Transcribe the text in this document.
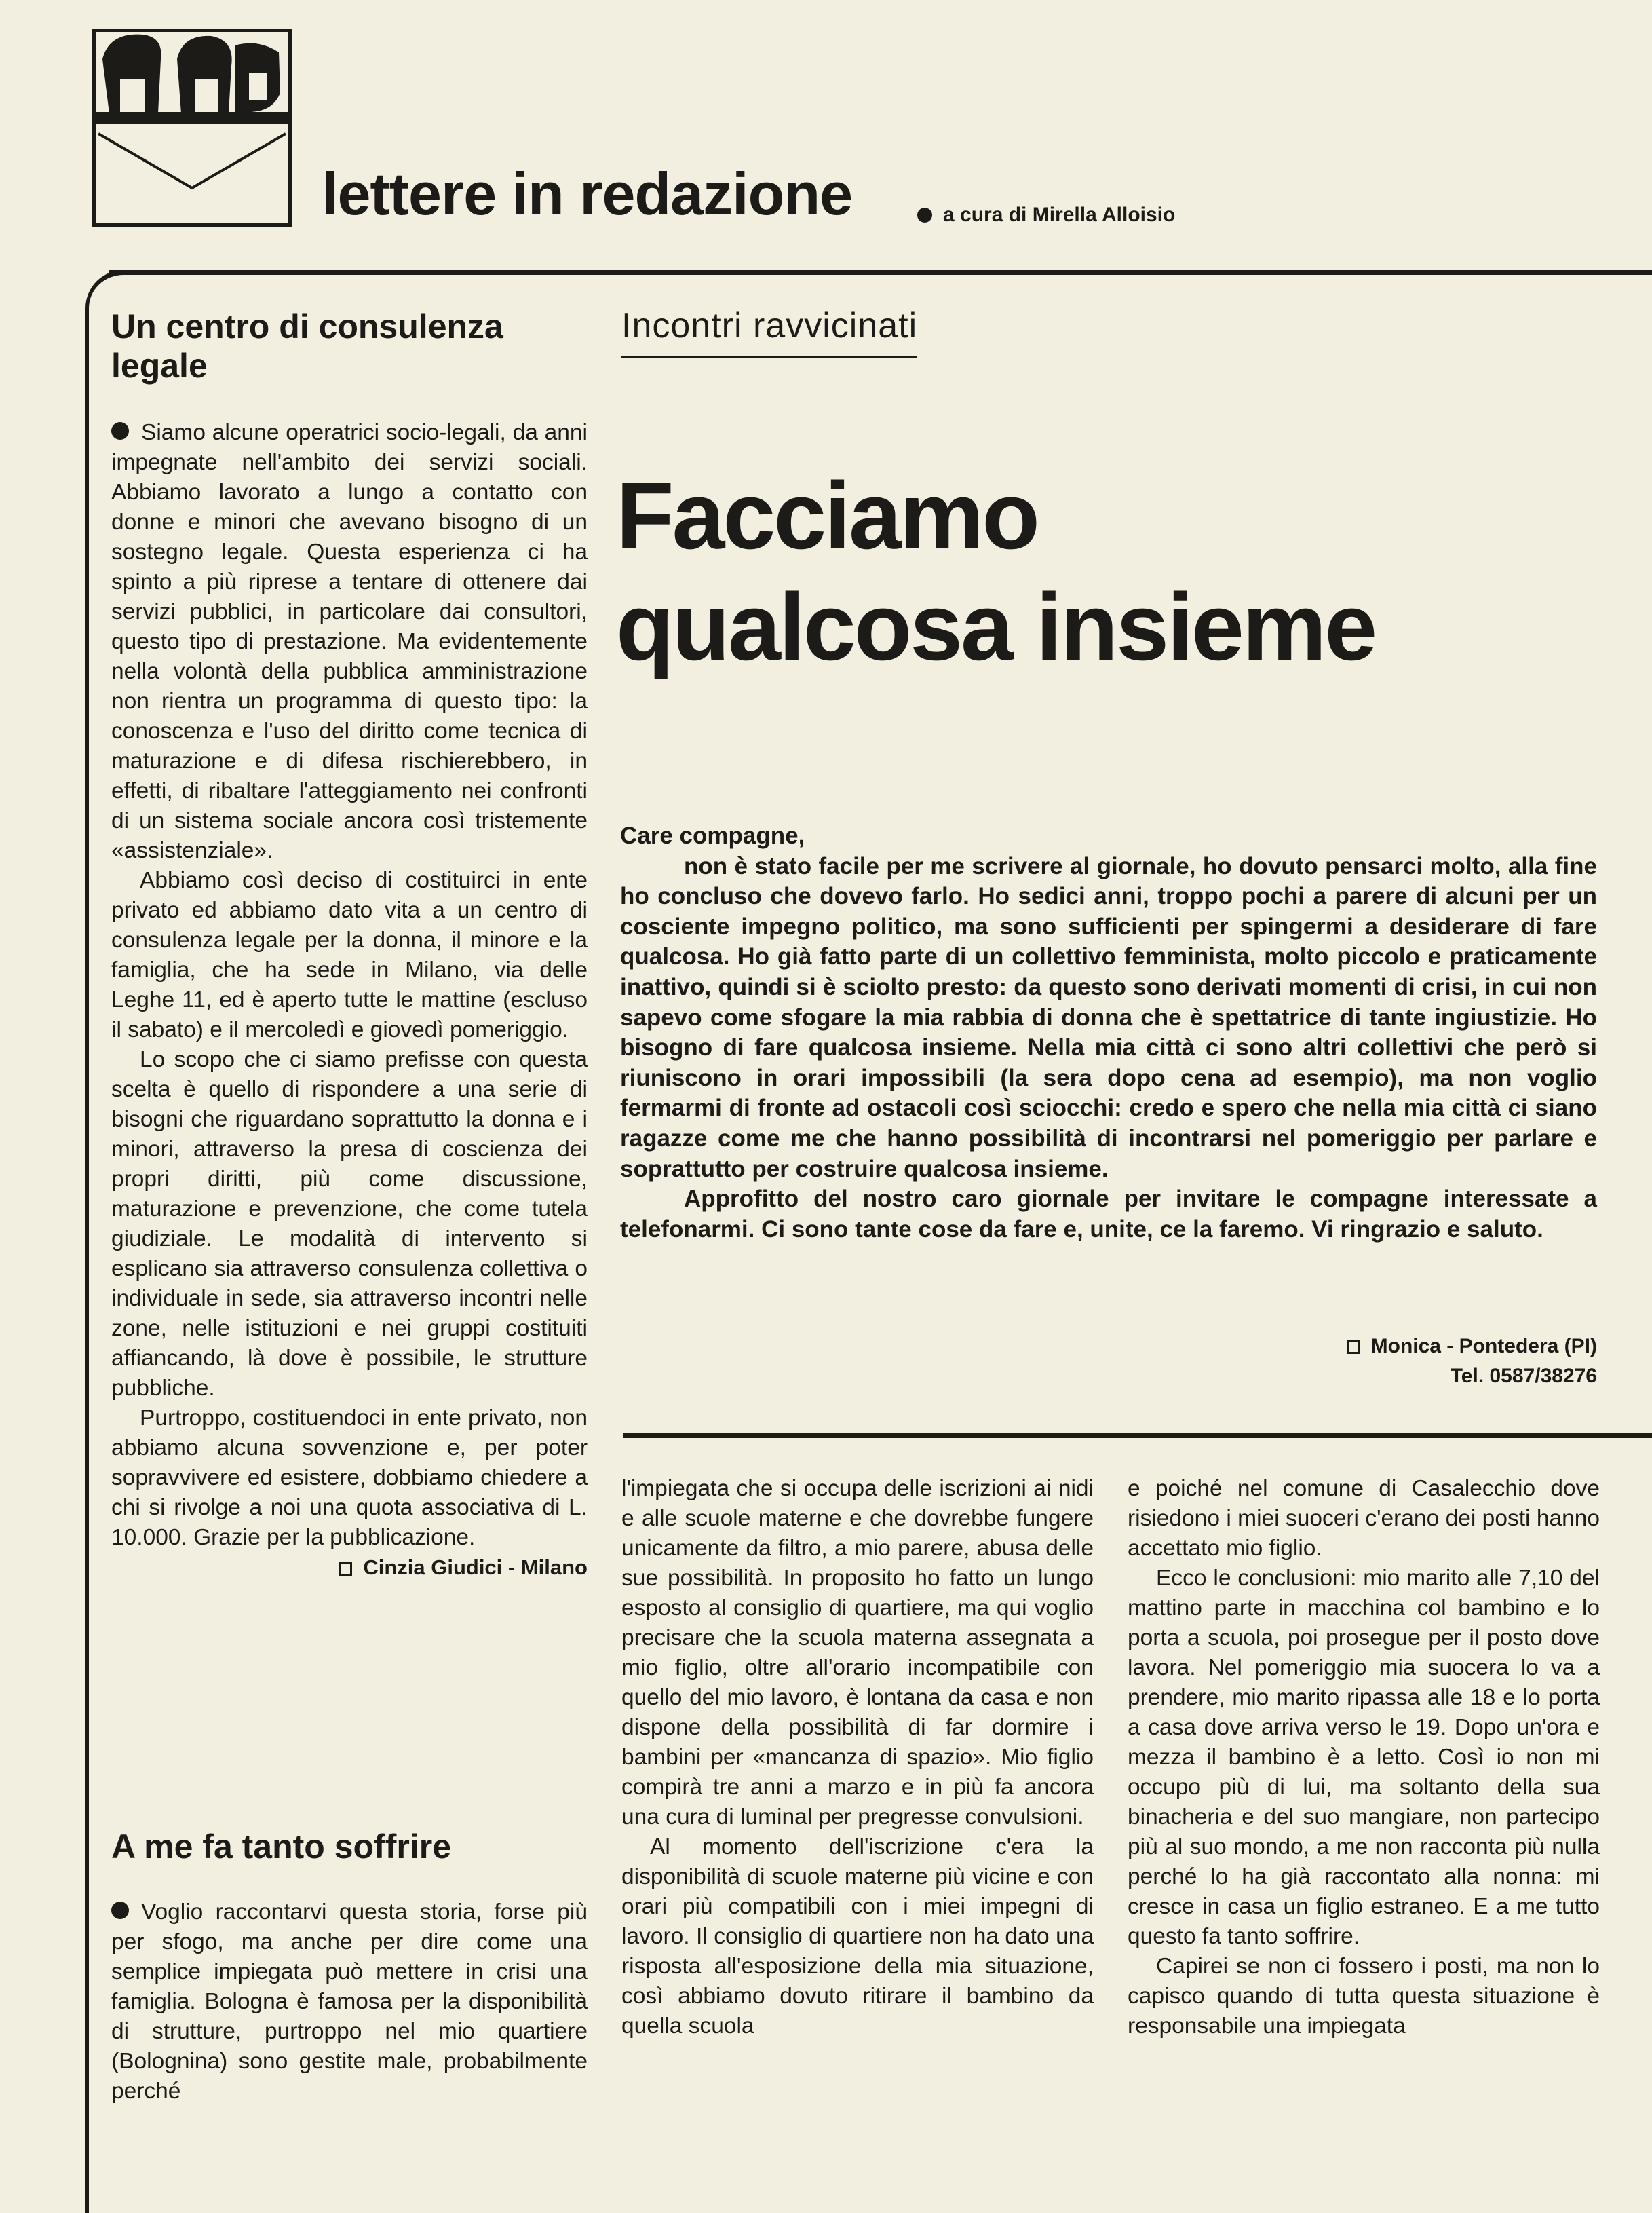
lettere in redazione	a cura di Mirella Alloisio
Un centro di consulenza legale

Siamo alcune operatrici socio-legali, da anni impegnate nell'ambito dei servizi sociali. Abbiamo lavorato a lungo a contatto con donne e minori che avevano bisogno di un sostegno legale. Questa esperienza ci ha spinto a più riprese a tentare di ottenere dai servizi pubblici, in particolare dai consultori, questo tipo di prestazione. Ma evidentemente nella volontà della pubblica amministrazione non rientra un programma di questo tipo: la conoscenza e l'uso del diritto come tecnica di maturazione e di difesa rischierebbero, in effetti, di ribaltare l'atteggiamento nei confronti di un sistema sociale ancora così tristemente «assistenziale».

Abbiamo così deciso di costituirci in ente privato ed abbiamo dato vita a un centro di consulenza legale per la donna, il minore e la famiglia, che ha sede in Milano, via delle Leghe 11, ed è aperto tutte le mattine (escluso il sabato) e il mercoledì e giovedì pomeriggio.

Lo scopo che ci siamo prefisse con questa scelta è quello di rispondere a una serie di bisogni che riguardano soprattutto la donna e i minori, attraverso la presa di coscienza dei propri diritti, più come discussione, maturazione e prevenzione, che come tutela giudiziale. Le modalità di intervento si esplicano sia attraverso consulenza collettiva o individuale in sede, sia attraverso incontri nelle zone, nelle istituzioni e nei gruppi costituiti affiancando, là dove è possibile, le strutture pubbliche.

Purtroppo, costituendoci in ente privato, non abbiamo alcuna sovvenzione e, per poter sopravvivere ed esistere, dobbiamo chiedere a chi si rivolge a noi una quota associativa di L. 10.000. Grazie per la pubblicazione.

Cinzia Giudici - Milano
A me fa tanto soffrire

Voglio raccontarvi questa storia, forse più per sfogo, ma anche per dire come una semplice impiegata può mettere in crisi una famiglia. Bologna è famosa per la disponibilità di strutture, purtroppo nel mio quartiere (Bolognina) sono gestite male, probabilmente perché

Incontri ravvicinati
Facciamo
qualcosa insieme

Care compagne,

non è stato facile per me scrivere al giornale, ho dovuto pensarci molto, alla fine ho concluso che dovevo farlo. Ho sedici anni, troppo pochi a parere di alcuni per un cosciente impegno politico, ma sono sufficienti per spingermi a desiderare di fare qualcosa. Ho già fatto parte di un collettivo femminista, molto piccolo e praticamente inattivo, quindi si è sciolto presto: da questo sono derivati momenti di crisi, in cui non sapevo come sfogare la mia rabbia di donna che è spettatrice di tante ingiustizie. Ho bisogno di fare qualcosa insieme. Nella mia città ci sono altri collettivi che però si riuniscono in orari impossibili (la sera dopo cena ad esempio), ma non voglio fermarmi di fronte ad ostacoli così sciocchi: credo e spero che nella mia città ci siano ragazze come me che hanno possibilità di incontrarsi nel pomeriggio per parlare e soprattutto per costruire qualcosa insieme.

Approfitto del nostro caro giornale per invitare le compagne interessate a telefonarmi. Ci sono tante cose da fare e, unite, ce la faremo. Vi ringrazio e saluto.

Monica - Pontedera (PI)
Tel. 0587/38276

l'impiegata che si occupa delle iscrizioni ai nidi e alle scuole materne e che dovrebbe fungere unicamente da filtro, a mio parere, abusa delle sue possibilità. In proposito ho fatto un lungo esposto al consiglio di quartiere, ma qui voglio precisare che la scuola materna assegnata a mio figlio, oltre all'orario incompatibile con quello del mio lavoro, è lontana da casa e non dispone della possibilità di far dormire i bambini per «mancanza di spazio». Mio figlio compirà tre anni a marzo e in più fa ancora una cura di luminal per pregresse convulsioni.

Al momento dell'iscrizione c'era la disponibilità di scuole materne più vicine e con orari più compatibili con i miei impegni di lavoro. Il consiglio di quartiere non ha dato una risposta all'esposizione della mia situazione, così abbiamo dovuto ritirare il bambino da quella scuola

e poiché nel comune di Casalecchio dove risiedono i miei suoceri c'erano dei posti hanno accettato mio figlio.

Ecco le conclusioni: mio marito alle 7,10 del mattino parte in macchina col bambino e lo porta a scuola, poi prosegue per il posto dove lavora. Nel pomeriggio mia suocera lo va a prendere, mio marito ripassa alle 18 e lo porta a casa dove arriva verso le 19. Dopo un'ora e mezza il bambino è a letto. Così io non mi occupo più di lui, ma soltanto della sua binacheria e del suo mangiare, non partecipo più al suo mondo, a me non racconta più nulla perché lo ha già raccontato alla nonna: mi cresce in casa un figlio estraneo. E a me tutto questo fa tanto soffrire.

Capirei se non ci fossero i posti, ma non lo capisco quando di tutta questa situazione è responsabile una impiegata
